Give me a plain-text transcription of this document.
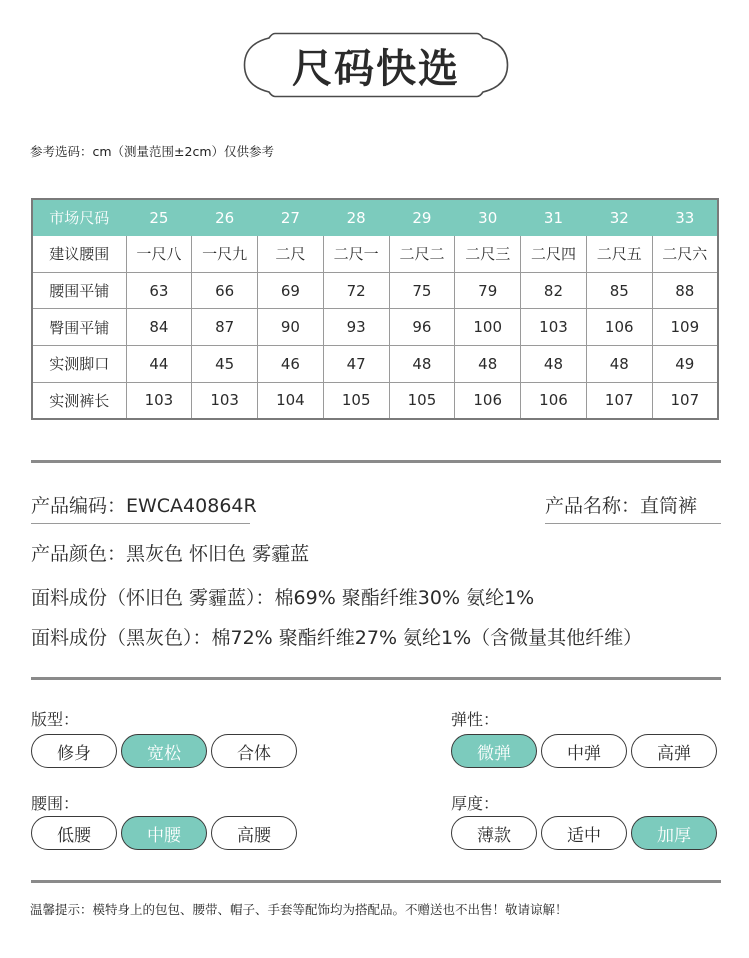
尺码快选
参考选码：cm（测量范围±2cm）仅供参考
市场尺码	25	26	27	28	29	30	31	32	33
建议腰围	一尺八	一尺九	二尺	二尺一	二尺二	二尺三	二尺四	二尺五	二尺六
腰围平铺	63	66	69	72	75	79	82	85	88
臀围平铺	84	87	90	93	96	100	103	106	109
实测脚口	44	45	46	47	48	48	48	48	49
实测裤长	103	103	104	105	105	106	106	107	107
产品编码：EWCA40864R	产品名称：直筒裤
产品颜色：黑灰色 怀旧色 雾霾蓝
面料成份（怀旧色 雾霾蓝）：棉69% 聚酯纤维30% 氨纶1%
面料成份（黑灰色）：棉72% 聚酯纤维27% 氨纶1%（含微量其他纤维）
版型：	弹性：
腰围：	厚度：
温馨提示：模特身上的包包、腰带、帽子、手套等配饰均为搭配品。不赠送也不出售！敬请谅解！
修身	宽松	合体	微弹	中弹	高弹
低腰	中腰	高腰	薄款	适中	加厚
